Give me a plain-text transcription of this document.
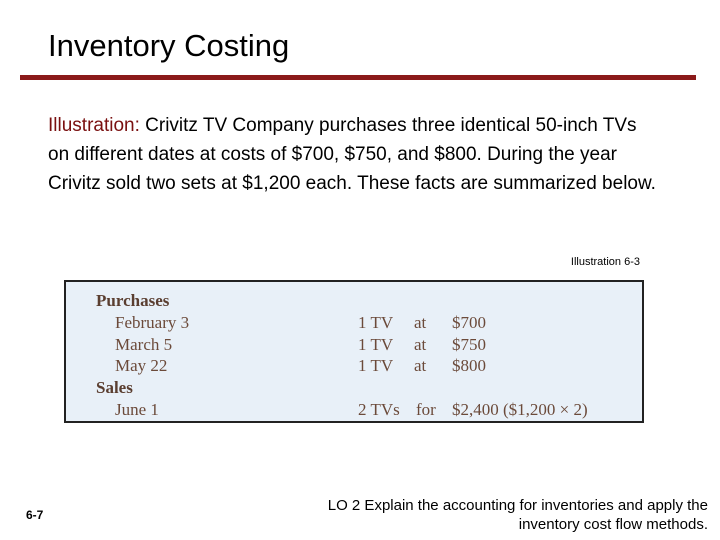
Inventory Costing
Illustration: Crivitz TV Company purchases three identical 50-inch TVs on different dates at costs of $700, $750, and $800. During the year Crivitz sold two sets at $1,200 each. These facts are summarized below.
Illustration 6-3
Purchases
February 3	1 TV at $700
March 5	1 TV at $750
May 22	1 TV at $800
Sales
June 1	2 TVs for $2,400 ($1,200 × 2)
6-7
LO 2 Explain the accounting for inventories and apply the inventory cost flow methods.
